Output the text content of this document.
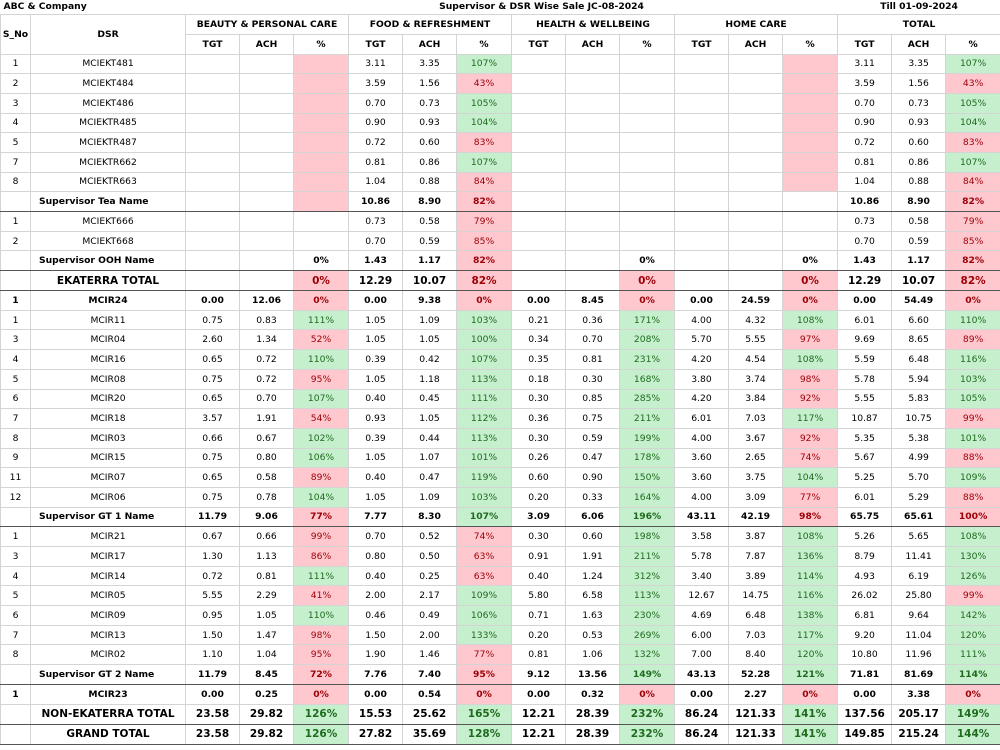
ABC & Company		Supervisor & DSR Wise Sale JC-08-2024												Till 01-09-2024		
S_No	DSR	BEAUTY & PERSONAL CARE			FOOD & REFRESHMENT			HEALTH & WELLBEING			HOME CARE			TOTAL		
		TGT	ACH	%	TGT	ACH	%	TGT	ACH	%	TGT	ACH	%	TGT	ACH	%
1	MCIEKT481				3.11	3.35	107%							3.11	3.35	107%
2	MCIEKT484				3.59	1.56	43%							3.59	1.56	43%
3	MCIEKT486				0.70	0.73	105%							0.70	0.73	105%
4	MCIEKTR485				0.90	0.93	104%							0.90	0.93	104%
5	MCIEKTR487				0.72	0.60	83%							0.72	0.60	83%
7	MCIEKTR662				0.81	0.86	107%							0.81	0.86	107%
8	MCIEKTR663				1.04	0.88	84%							1.04	0.88	84%
	Supervisor Tea Name				10.86	8.90	82%							10.86	8.90	82%
1	MCIEKT666				0.73	0.58	79%							0.73	0.58	79%
2	MCIEKT668				0.70	0.59	85%							0.70	0.59	85%
	Supervisor OOH Name			0%	1.43	1.17	82%			0%			0%	1.43	1.17	82%
	EKATERRA TOTAL			0%	12.29	10.07	82%			0%			0%	12.29	10.07	82%
1	MCIR24	0.00	12.06	0%	0.00	9.38	0%	0.00	8.45	0%	0.00	24.59	0%	0.00	54.49	0%
1	MCIR11	0.75	0.83	111%	1.05	1.09	103%	0.21	0.36	171%	4.00	4.32	108%	6.01	6.60	110%
3	MCIR04	2.60	1.34	52%	1.05	1.05	100%	0.34	0.70	208%	5.70	5.55	97%	9.69	8.65	89%
4	MCIR16	0.65	0.72	110%	0.39	0.42	107%	0.35	0.81	231%	4.20	4.54	108%	5.59	6.48	116%
5	MCIR08	0.75	0.72	95%	1.05	1.18	113%	0.18	0.30	168%	3.80	3.74	98%	5.78	5.94	103%
6	MCIR20	0.65	0.70	107%	0.40	0.45	111%	0.30	0.85	285%	4.20	3.84	92%	5.55	5.83	105%
7	MCIR18	3.57	1.91	54%	0.93	1.05	112%	0.36	0.75	211%	6.01	7.03	117%	10.87	10.75	99%
8	MCIR03	0.66	0.67	102%	0.39	0.44	113%	0.30	0.59	199%	4.00	3.67	92%	5.35	5.38	101%
9	MCIR15	0.75	0.80	106%	1.05	1.07	101%	0.26	0.47	178%	3.60	2.65	74%	5.67	4.99	88%
11	MCIR07	0.65	0.58	89%	0.40	0.47	119%	0.60	0.90	150%	3.60	3.75	104%	5.25	5.70	109%
12	MCIR06	0.75	0.78	104%	1.05	1.09	103%	0.20	0.33	164%	4.00	3.09	77%	6.01	5.29	88%
	Supervisor GT 1 Name	11.79	9.06	77%	7.77	8.30	107%	3.09	6.06	196%	43.11	42.19	98%	65.75	65.61	100%
1	MCIR21	0.67	0.66	99%	0.70	0.52	74%	0.30	0.60	198%	3.58	3.87	108%	5.26	5.65	108%
3	MCIR17	1.30	1.13	86%	0.80	0.50	63%	0.91	1.91	211%	5.78	7.87	136%	8.79	11.41	130%
4	MCIR14	0.72	0.81	111%	0.40	0.25	63%	0.40	1.24	312%	3.40	3.89	114%	4.93	6.19	126%
5	MCIR05	5.55	2.29	41%	2.00	2.17	109%	5.80	6.58	113%	12.67	14.75	116%	26.02	25.80	99%
6	MCIR09	0.95	1.05	110%	0.46	0.49	106%	0.71	1.63	230%	4.69	6.48	138%	6.81	9.64	142%
7	MCIR13	1.50	1.47	98%	1.50	2.00	133%	0.20	0.53	269%	6.00	7.03	117%	9.20	11.04	120%
8	MCIR02	1.10	1.04	95%	1.90	1.46	77%	0.81	1.06	132%	7.00	8.40	120%	10.80	11.96	111%
	Supervisor GT 2 Name	11.79	8.45	72%	7.76	7.40	95%	9.12	13.56	149%	43.13	52.28	121%	71.81	81.69	114%
1	MCIR23	0.00	0.25	0%	0.00	0.54	0%	0.00	0.32	0%	0.00	2.27	0%	0.00	3.38	0%
	NON-EKATERRA TOTAL	23.58	29.82	126%	15.53	25.62	165%	12.21	28.39	232%	86.24	121.33	141%	137.56	205.17	149%
	GRAND TOTAL	23.58	29.82	126%	27.82	35.69	128%	12.21	28.39	232%	86.24	121.33	141%	149.85	215.24	144%
